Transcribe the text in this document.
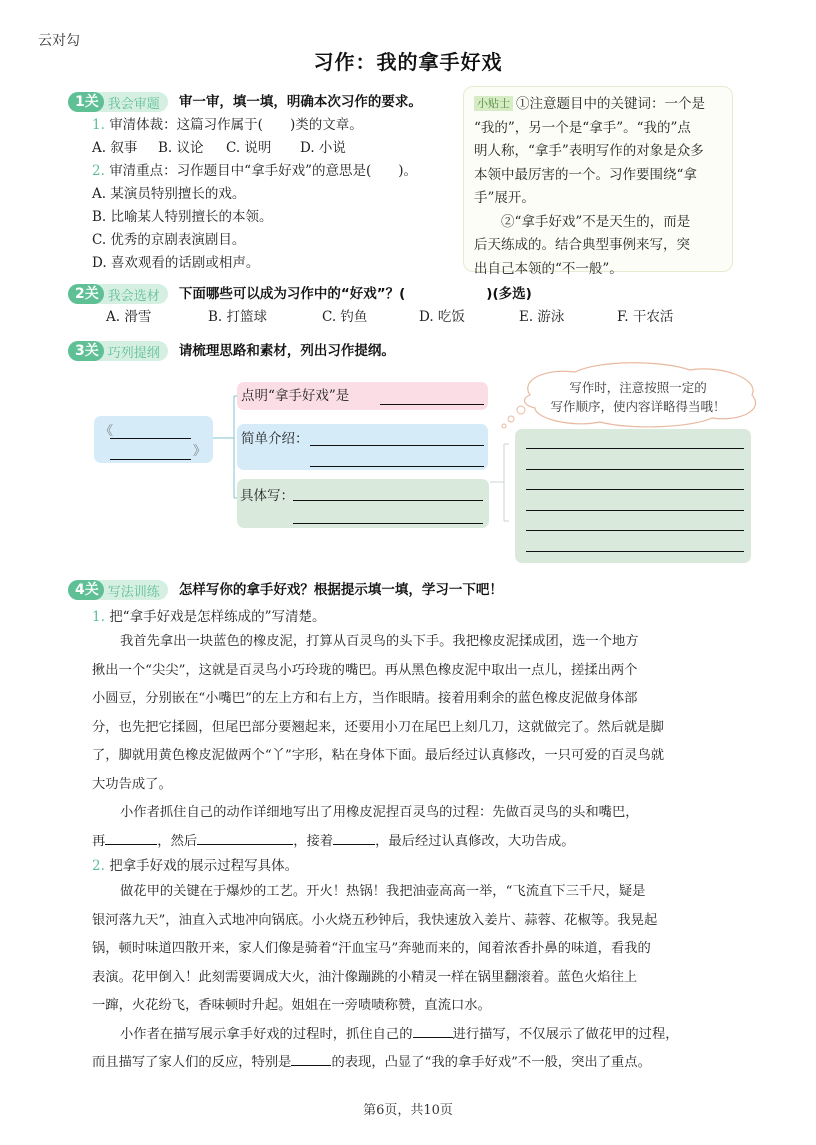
云对勾
习作：我的拿手好戏
1关 我会审题	审一审，填一填，明确本次习作的要求。
1. 审清体裁：这篇习作属于(　　)类的文章。
A. 叙事 B. 议论 C. 说明 D. 小说
2. 审清重点：习作题目中“拿手好戏”的意思是(　　)。
A. 某演员特别擅长的戏。
B. 比喻某人特别擅长的本领。
C. 优秀的京剧表演剧目。
D. 喜欢观看的话剧或相声。
小贴士 ①注意题目中的关键词：一个是
“我的”，另一个是“拿手”。“我的”点
明人称，“拿手”表明写作的对象是众多
本领中最厉害的一个。习作要围绕“拿
手”展开。
②“拿手好戏”不是天生的，而是
后天练成的。结合典型事例来写，突
出自己本领的“不一般”。
2关 我会选材	下面哪些可以成为习作中的“好戏”？(　　　　　　)(多选)
A. 滑雪	B. 打篮球	C. 钓鱼	D. 吃饭	E. 游泳	F. 干农活
3关 巧列提纲	请梳理思路和素材，列出习作提纲。
《
》
点明“拿手好戏”是
简单介绍：
具体写：
写作时，注意按照一定的
写作顺序，使内容详略得当哦！
4关 写法训练	怎样写你的拿手好戏？根据提示填一填，学习一下吧！
1. 把“拿手好戏是怎样练成的”写清楚。
我首先拿出一块蓝色的橡皮泥，打算从百灵鸟的头下手。我把橡皮泥揉成团，选一个地方
揪出一个“尖尖”，这就是百灵鸟小巧玲珑的嘴巴。再从黑色橡皮泥中取出一点儿，搓揉出两个
小圆豆，分别嵌在“小嘴巴”的左上方和右上方，当作眼睛。接着用剩余的蓝色橡皮泥做身体部
分，也先把它揉圆，但尾巴部分要翘起来，还要用小刀在尾巴上刻几刀，这就做完了。然后就是脚
了，脚就用黄色橡皮泥做两个“丫”字形，粘在身体下面。最后经过认真修改，一只可爱的百灵鸟就
大功告成了。
小作者抓住自己的动作详细地写出了用橡皮泥捏百灵鸟的过程：先做百灵鸟的头和嘴巴，
再	，然后	，接着	，最后经过认真修改，大功告成。
2. 把拿手好戏的展示过程写具体。
做花甲的关键在于爆炒的工艺。开火！热锅！我把油壶高高一举，“飞流直下三千尺，疑是
银河落九天”，油直入式地冲向锅底。小火烧五秒钟后，我快速放入姜片、蒜蓉、花椒等。我晃起
锅，顿时味道四散开来，家人们像是骑着“汗血宝马”奔驰而来的，闻着浓香扑鼻的味道，看我的
表演。花甲倒入！此刻需要调成大火，油汁像蹦跳的小精灵一样在锅里翻滚着。蓝色火焰往上
一蹿，火花纷飞，香味顿时升起。姐姐在一旁啧啧称赞，直流口水。
小作者在描写展示拿手好戏的过程时，抓住自己的	进行描写，不仅展示了做花甲的过程，
而且描写了家人们的反应，特别是	的表现，凸显了“我的拿手好戏”不一般，突出了重点。
第6页，共10页
